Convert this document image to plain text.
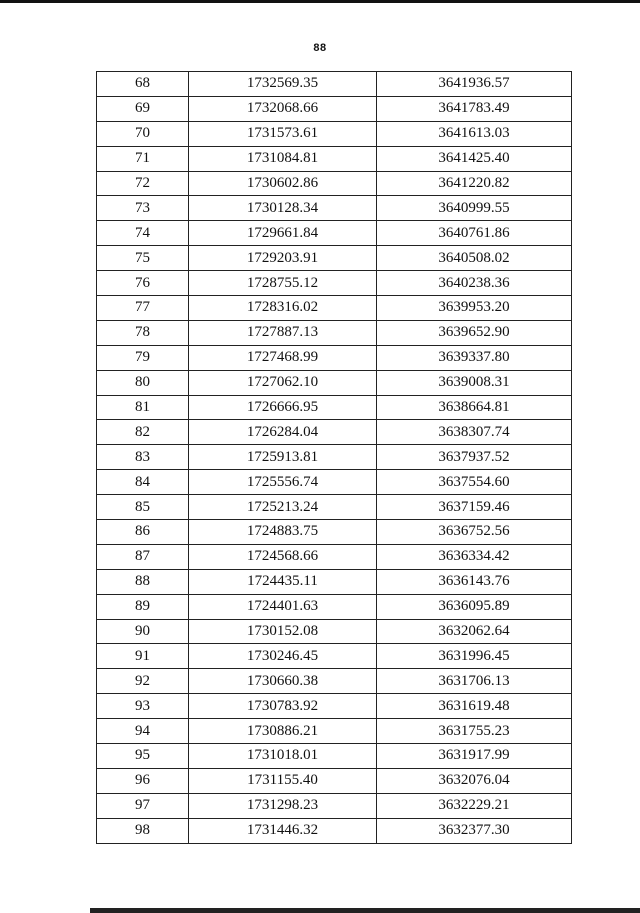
88
68	1732569.35	3641936.57
69	1732068.66	3641783.49
70	1731573.61	3641613.03
71	1731084.81	3641425.40
72	1730602.86	3641220.82
73	1730128.34	3640999.55
74	1729661.84	3640761.86
75	1729203.91	3640508.02
76	1728755.12	3640238.36
77	1728316.02	3639953.20
78	1727887.13	3639652.90
79	1727468.99	3639337.80
80	1727062.10	3639008.31
81	1726666.95	3638664.81
82	1726284.04	3638307.74
83	1725913.81	3637937.52
84	1725556.74	3637554.60
85	1725213.24	3637159.46
86	1724883.75	3636752.56
87	1724568.66	3636334.42
88	1724435.11	3636143.76
89	1724401.63	3636095.89
90	1730152.08	3632062.64
91	1730246.45	3631996.45
92	1730660.38	3631706.13
93	1730783.92	3631619.48
94	1730886.21	3631755.23
95	1731018.01	3631917.99
96	1731155.40	3632076.04
97	1731298.23	3632229.21
98	1731446.32	3632377.30
